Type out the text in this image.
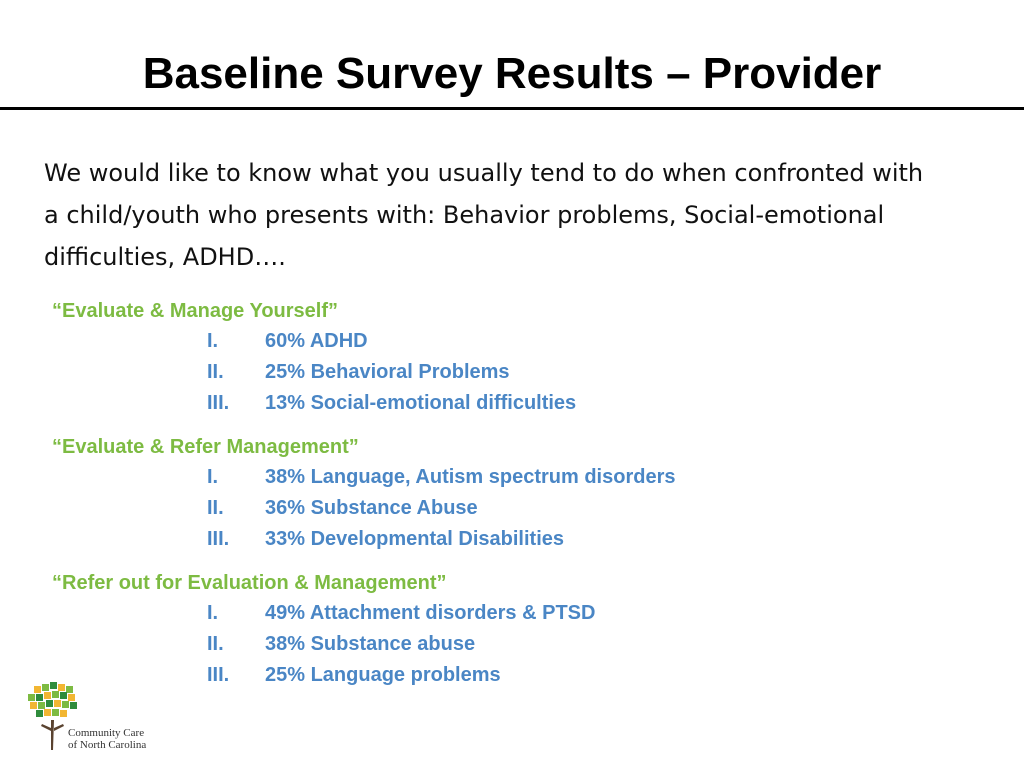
Baseline Survey Results – Provider
We would like to know what you usually tend to do when confronted with a child/youth who presents with: Behavior problems, Social-emotional difficulties, ADHD….
“Evaluate & Manage Yourself”
I. 60% ADHD
II. 25% Behavioral Problems
III. 13% Social-emotional difficulties
“Evaluate & Refer Management”
I. 38% Language, Autism spectrum disorders
II. 36% Substance Abuse
III. 33% Developmental Disabilities
“Refer out for Evaluation & Management”
I. 49% Attachment disorders & PTSD
II. 38% Substance abuse
III. 25% Language problems
Community Care
of North Carolina
